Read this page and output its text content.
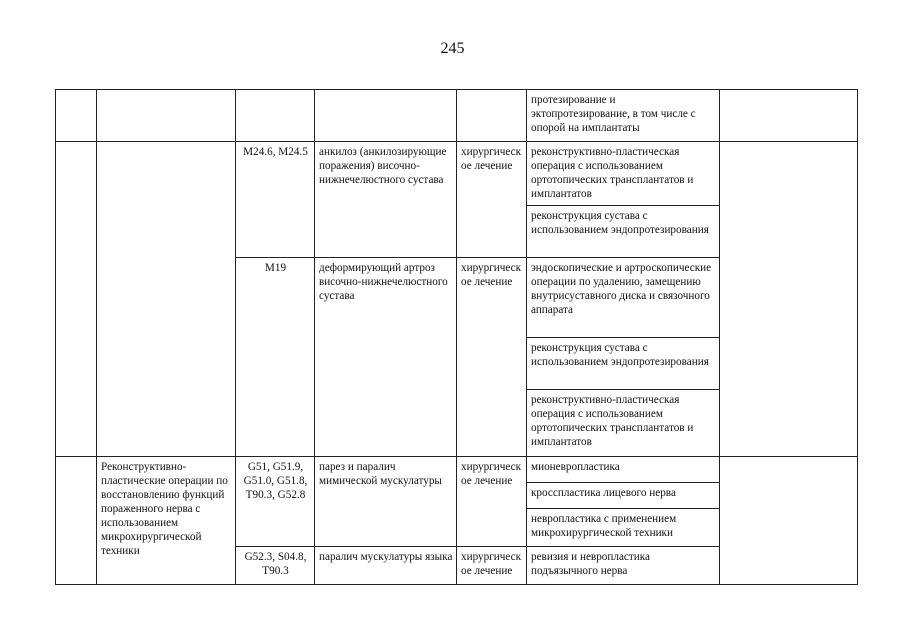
245
					протезирование и эктопротезирование, в том числе с опорой на имплантаты	
		M24.6, M24.5	анкилоз (анкилозирующие поражения) височно-нижнечелюстного сустава	хирургическ ое лечение	реконструктивно-пластическая операция с использованием ортотопических трансплантатов и имплантатов	
					реконструкция сустава с использованием эндопротезирования	
		M19	деформирующий артроз височно-нижнечелюстного сустава	хирургическ ое лечение	эндоскопические и артроскопические операции по удалению, замещению внутрисуставного диска и связочного аппарата	
					реконструкция сустава с использованием эндопротезирования	
					реконструктивно-пластическая операция с использованием ортотопических трансплантатов и имплантатов	
	Реконструктивно-пластические операции по восстановлению функций пораженного нерва с использованием микрохирургической техники	G51, G51.9, G51.0, G51.8, T90.3, G52.8	парез и паралич мимической мускулатуры	хирургическ ое лечение	мионевропластика	
					кросспластика лицевого нерва	
					невропластика с применением микрохирургической техники	
		G52.3, S04.8, T90.3	паралич мускулатуры языка	хирургическ ое лечение	ревизия и невропластика подъязычного нерва	
